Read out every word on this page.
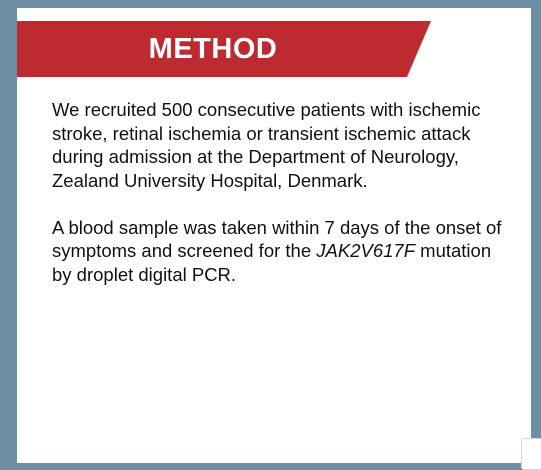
METHOD

We recruited 500 consecutive patients with ischemic stroke, retinal ischemia or transient ischemic attack during admission at the Department of Neurology, Zealand University Hospital, Denmark.

A blood sample was taken within 7 days of the onset of symptoms and screened for the JAK2V617F mutation by droplet digital PCR.
